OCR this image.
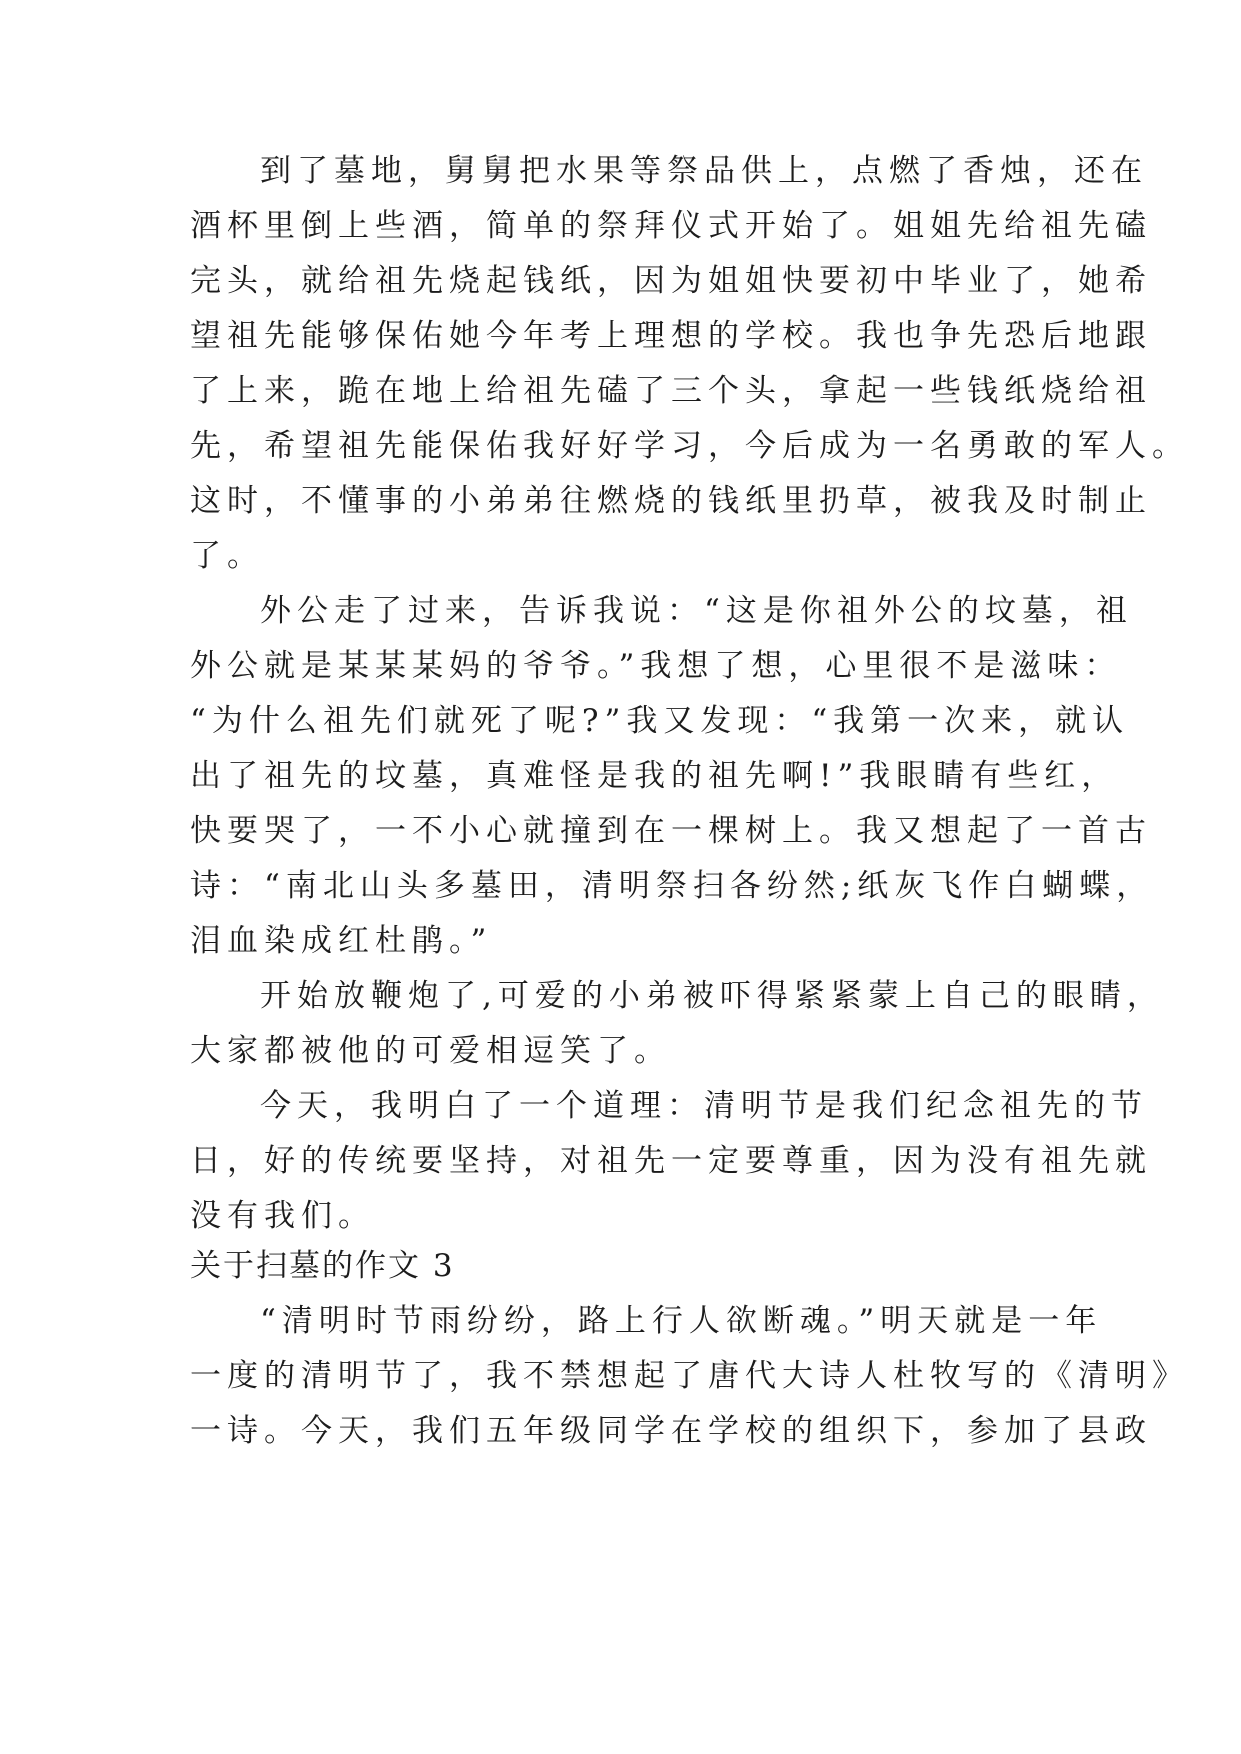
到了墓地，舅舅把水果等祭品供上，点燃了香烛，还在
酒杯里倒上些酒，简单的祭拜仪式开始了。姐姐先给祖先磕
完头，就给祖先烧起钱纸，因为姐姐快要初中毕业了，她希
望祖先能够保佑她今年考上理想的学校。我也争先恐后地跟
了上来，跪在地上给祖先磕了三个头，拿起一些钱纸烧给祖
先，希望祖先能保佑我好好学习，今后成为一名勇敢的军人。
这时，不懂事的小弟弟往燃烧的钱纸里扔草，被我及时制止
了。
外公走了过来，告诉我说：“这是你祖外公的坟墓，祖
外公就是某某某妈的爷爷。”我想了想，心里很不是滋味：
“为什么祖先们就死了呢?”我又发现：“我第一次来，就认
出了祖先的坟墓，真难怪是我的祖先啊!”我眼睛有些红，
快要哭了，一不小心就撞到在一棵树上。我又想起了一首古
诗：“南北山头多墓田，清明祭扫各纷然;纸灰飞作白蝴蝶，
泪血染成红杜鹃。”
开始放鞭炮了,可爱的小弟被吓得紧紧蒙上自己的眼睛，
大家都被他的可爱相逗笑了。
今天，我明白了一个道理：清明节是我们纪念祖先的节
日，好的传统要坚持，对祖先一定要尊重，因为没有祖先就
没有我们。
关于扫墓的作文 3
“清明时节雨纷纷，路上行人欲断魂。”明天就是一年
一度的清明节了，我不禁想起了唐代大诗人杜牧写的《清明》
一诗。今天，我们五年级同学在学校的组织下，参加了县政
